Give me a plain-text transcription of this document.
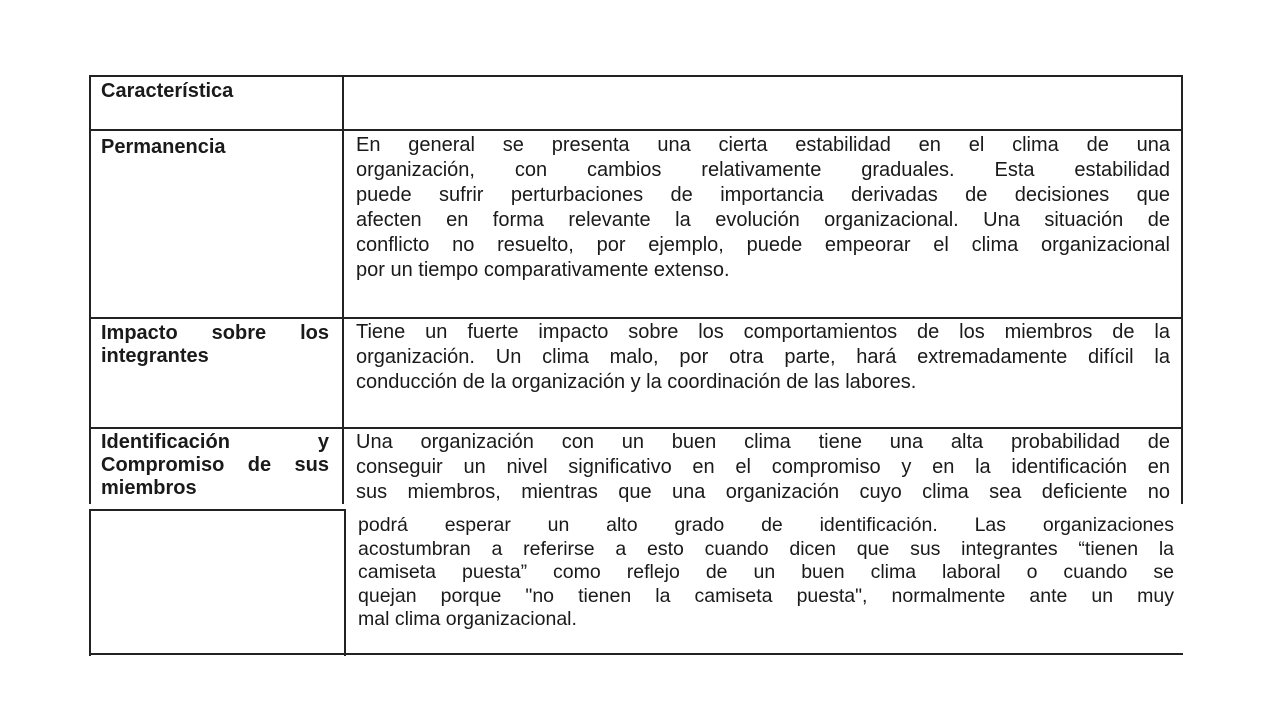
Característica
Permanencia	En general se presenta una cierta estabilidad en el clima de una
organización, con cambios relativamente graduales. Esta estabilidad
puede sufrir perturbaciones de importancia derivadas de decisiones que
afecten en forma relevante la evolución organizacional. Una situación de
conflicto no resuelto, por ejemplo, puede empeorar el clima organizacional
por un tiempo comparativamente extenso.
Impacto sobre los integrantes
Tiene un fuerte impacto sobre los comportamientos de los miembros de la
organización. Un clima malo, por otra parte, hará extremadamente difícil la
conducción de la organización y la coordinación de las labores.
Identificación y Compromiso de sus miembros
Una organización con un buen clima tiene una alta probabilidad de
conseguir un nivel significativo en el compromiso y en la identificación en
sus miembros, mientras que una organización cuyo clima sea deficiente no
podrá esperar un alto grado de identificación. Las organizaciones
acostumbran a referirse a esto cuando dicen que sus integrantes “tienen la
camiseta puesta” como reflejo de un buen clima laboral o cuando se
quejan porque "no tienen la camiseta puesta", normalmente ante un muy
mal clima organizacional.
